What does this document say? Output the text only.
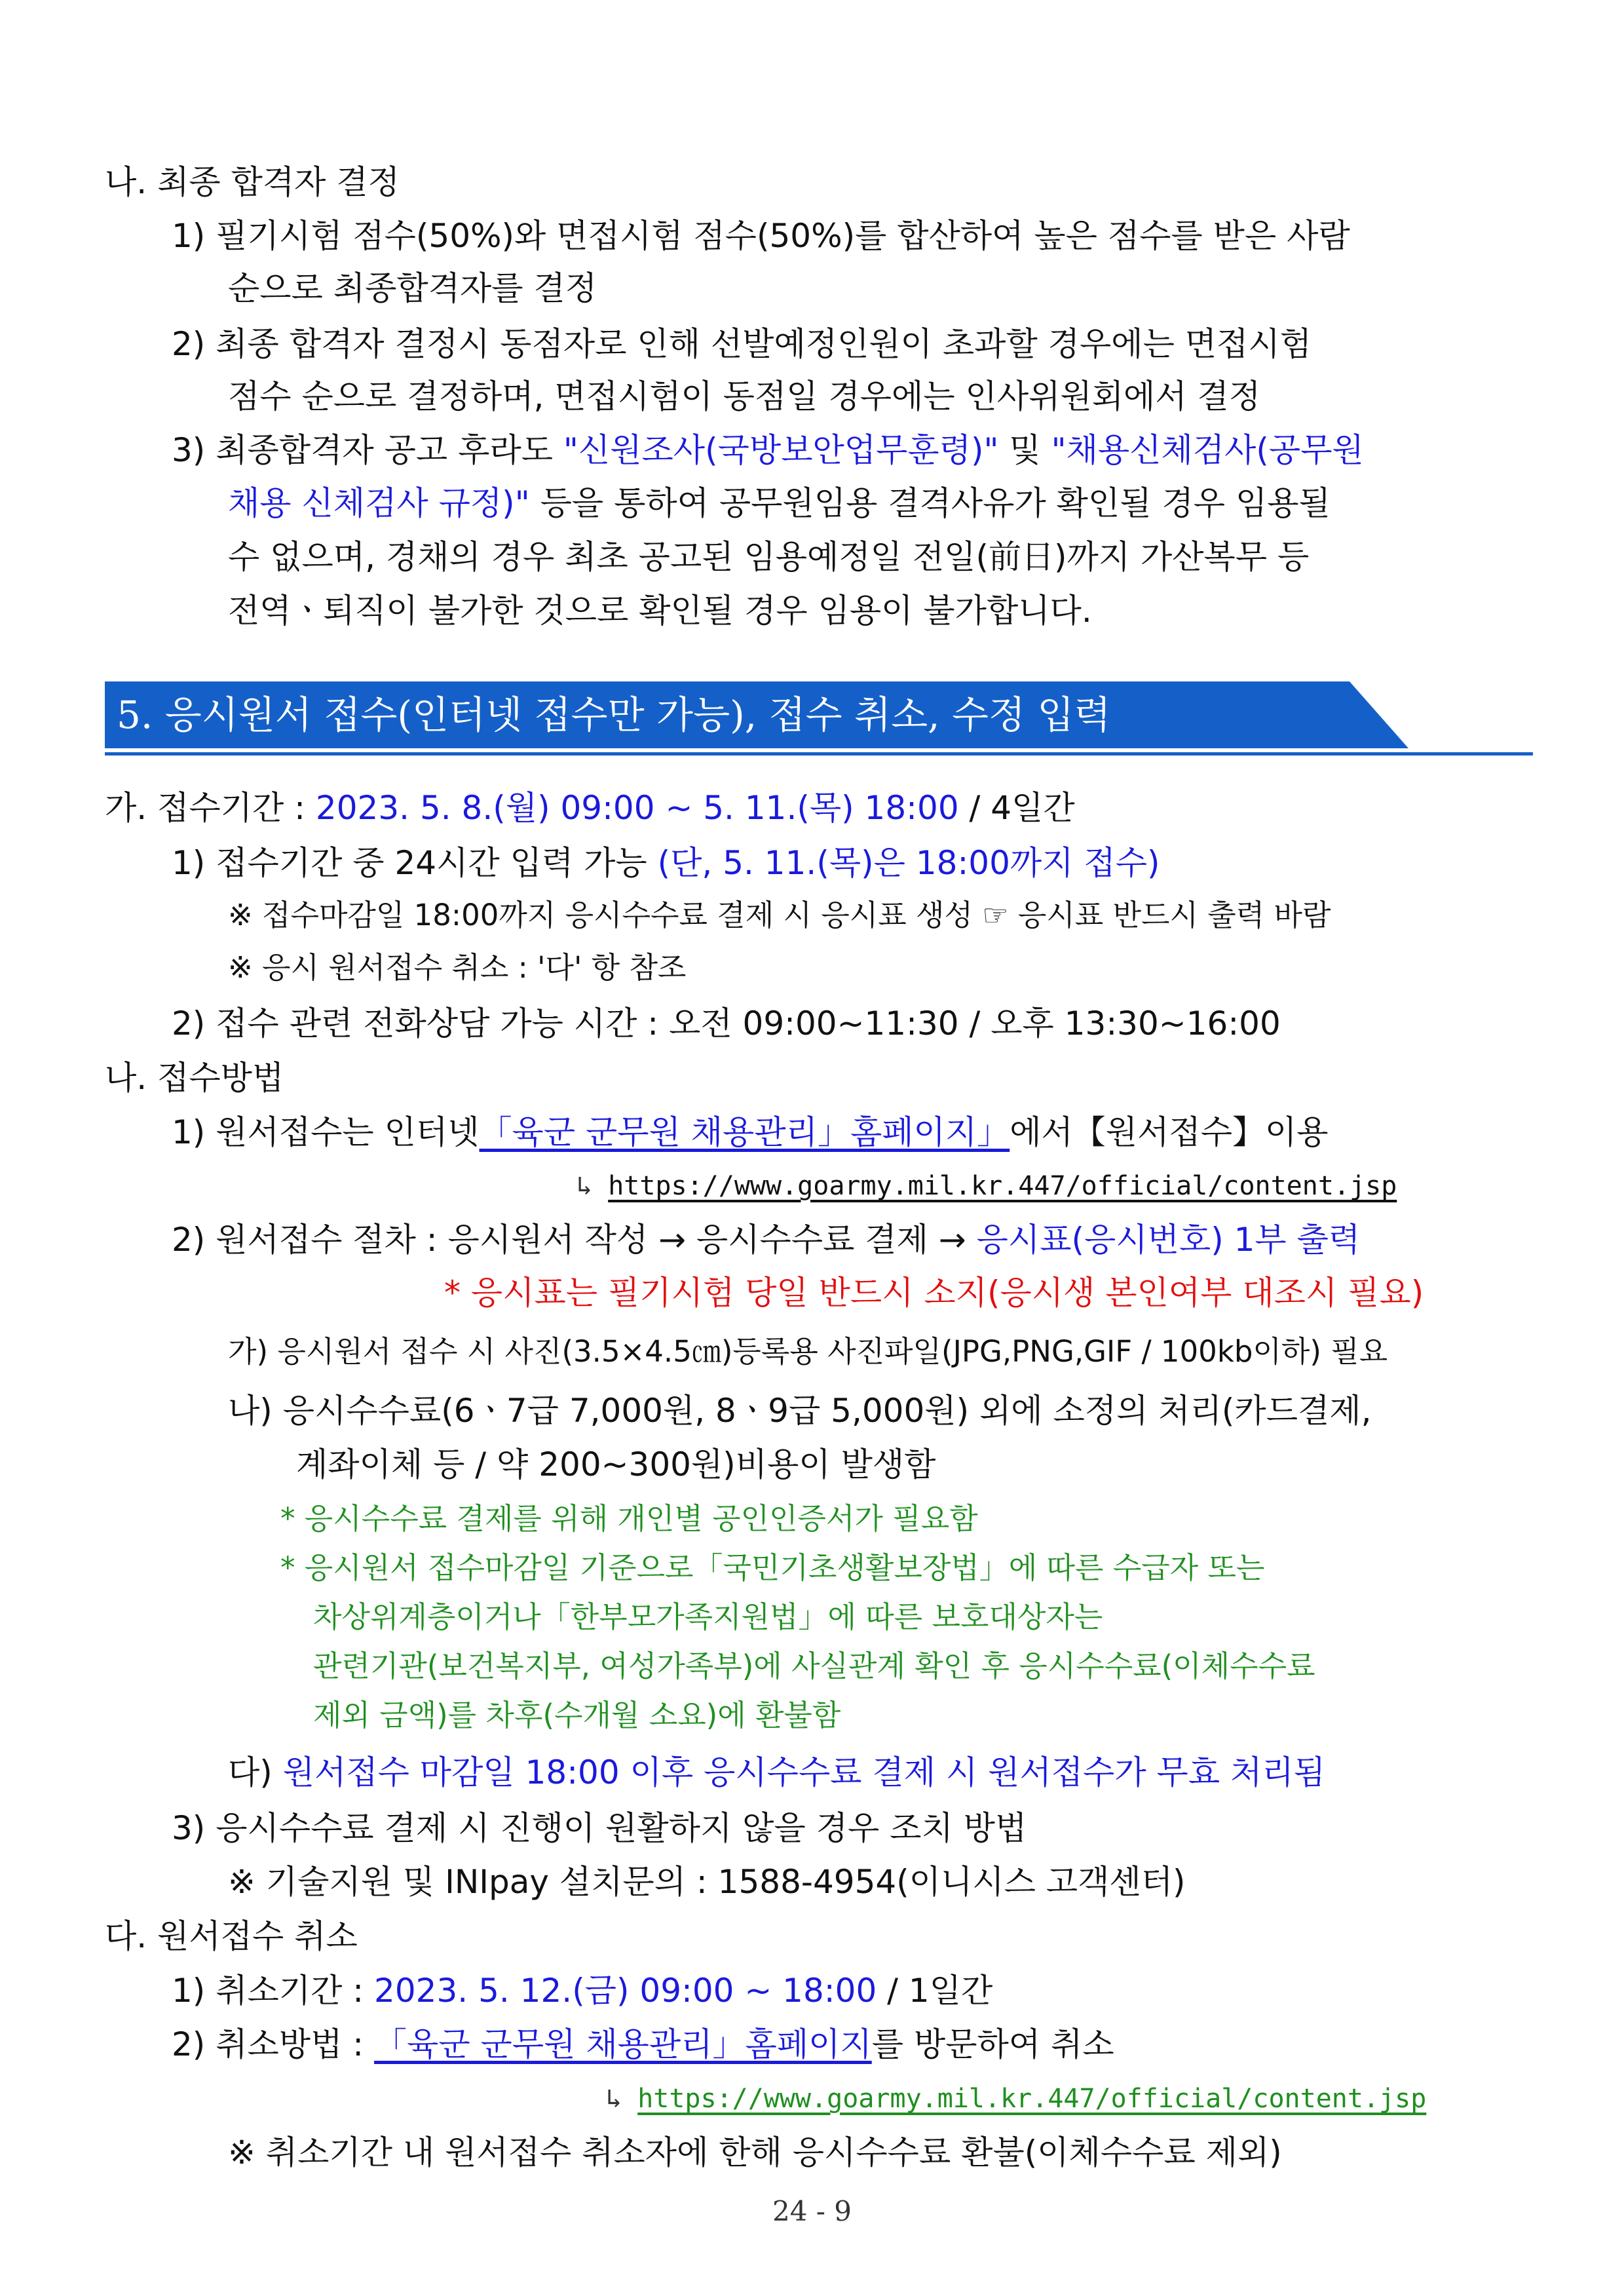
나. 최종 합격자 결정
1) 필기시험 점수(50%)와 면접시험 점수(50%)를 합산하여 높은 점수를 받은 사람
순으로 최종합격자를 결정
2) 최종 합격자 결정시 동점자로 인해 선발예정인원이 초과할 경우에는 면접시험
점수 순으로 결정하며, 면접시험이 동점일 경우에는 인사위원회에서 결정
3) 최종합격자 공고 후라도 "신원조사(국방보안업무훈령)" 및 "채용신체검사(공무원
채용 신체검사 규정)" 등을 통하여 공무원임용 결격사유가 확인될 경우 임용될
수 없으며, 경채의 경우 최초 공고된 임용예정일 전일(前日)까지 가산복무 등
전역ㆍ퇴직이 불가한 것으로 확인될 경우 임용이 불가합니다.
5. 응시원서 접수(인터넷 접수만 가능), 접수 취소, 수정 입력
가. 접수기간 : 2023. 5. 8.(월) 09:00 ~ 5. 11.(목) 18:00 / 4일간
1) 접수기간 중 24시간 입력 가능 (단, 5. 11.(목)은 18:00까지 접수)
※ 접수마감일 18:00까지 응시수수료 결제 시 응시표 생성 ☞ 응시표 반드시 출력 바람
※ 응시 원서접수 취소 : '다' 항 참조
2) 접수 관련 전화상담 가능 시간 : 오전 09:00~11:30 / 오후 13:30~16:00
나. 접수방법
1) 원서접수는 인터넷「육군 군무원 채용관리」홈페이지」에서【원서접수】이용
↳ https://www.goarmy.mil.kr.447/official/content.jsp
2) 원서접수 절차 : 응시원서 작성 → 응시수수료 결제 → 응시표(응시번호) 1부 출력
* 응시표는 필기시험 당일 반드시 소지(응시생 본인여부 대조시 필요)
가) 응시원서 접수 시 사진(3.5×4.5㎝)등록용 사진파일(JPG,PNG,GIF / 100kb이하) 필요
나) 응시수수료(6ㆍ7급 7,000원, 8ㆍ9급 5,000원) 외에 소정의 처리(카드결제,
계좌이체 등 / 약 200~300원)비용이 발생함
* 응시수수료 결제를 위해 개인별 공인인증서가 필요함
* 응시원서 접수마감일 기준으로「국민기초생활보장법」에 따른 수급자 또는
차상위계층이거나「한부모가족지원법」에 따른 보호대상자는
관련기관(보건복지부, 여성가족부)에 사실관계 확인 후 응시수수료(이체수수료
제외 금액)를 차후(수개월 소요)에 환불함
다) 원서접수 마감일 18:00 이후 응시수수료 결제 시 원서접수가 무효 처리됨
3) 응시수수료 결제 시 진행이 원활하지 않을 경우 조치 방법
※ 기술지원 및 INIpay 설치문의 : 1588-4954(이니시스 고객센터)
다. 원서접수 취소
1) 취소기간 : 2023. 5. 12.(금) 09:00 ~ 18:00 / 1일간
2) 취소방법 : 「육군 군무원 채용관리」홈페이지를 방문하여 취소
↳ https://www.goarmy.mil.kr.447/official/content.jsp
※ 취소기간 내 원서접수 취소자에 한해 응시수수료 환불(이체수수료 제외)
24 - 9
